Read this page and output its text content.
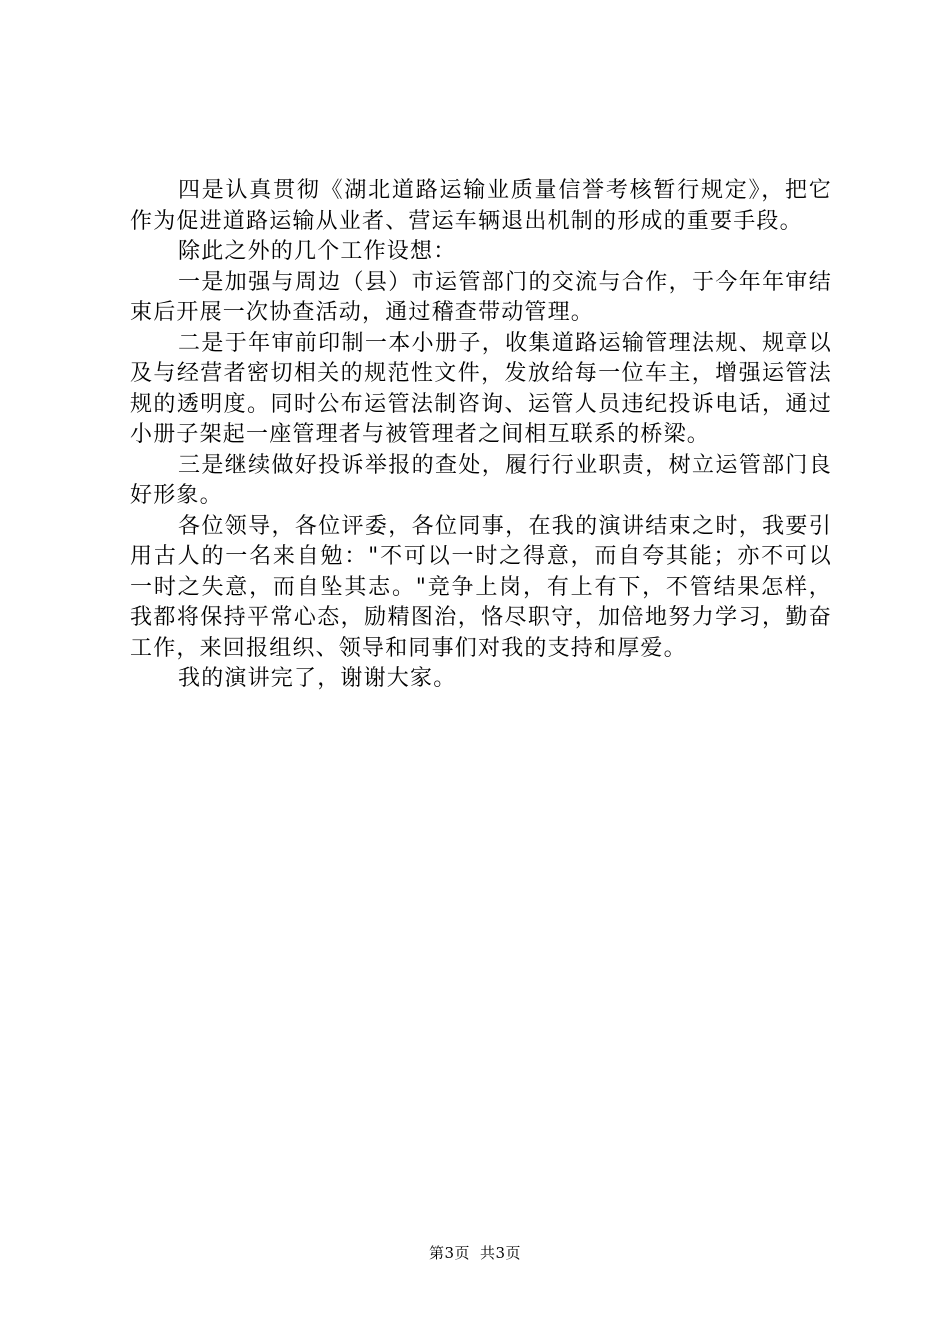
四是认真贯彻《湖北道路运输业质量信誉考核暂行规定》，把它作为促进道路运输从业者、营运车辆退出机制的形成的重要手段。

除此之外的几个工作设想：

一是加强与周边（县）市运管部门的交流与合作，于今年年审结束后开展一次协查活动，通过稽查带动管理。

二是于年审前印制一本小册子，收集道路运输管理法规、规章以及与经营者密切相关的规范性文件，发放给每一位车主，增强运管法规的透明度。同时公布运管法制咨询、运管人员违纪投诉电话，通过小册子架起一座管理者与被管理者之间相互联系的桥梁。

三是继续做好投诉举报的查处，履行行业职责，树立运管部门良好形象。

各位领导，各位评委，各位同事，在我的演讲结束之时，我要引用古人的一名来自勉："不可以一时之得意，而自夸其能；亦不可以一时之失意，而自坠其志。"竞争上岗，有上有下，不管结果怎样，我都将保持平常心态，励精图治，恪尽职守，加倍地努力学习，勤奋工作，来回报组织、领导和同事们对我的支持和厚爱。

我的演讲完了，谢谢大家。

第3页 共3页
